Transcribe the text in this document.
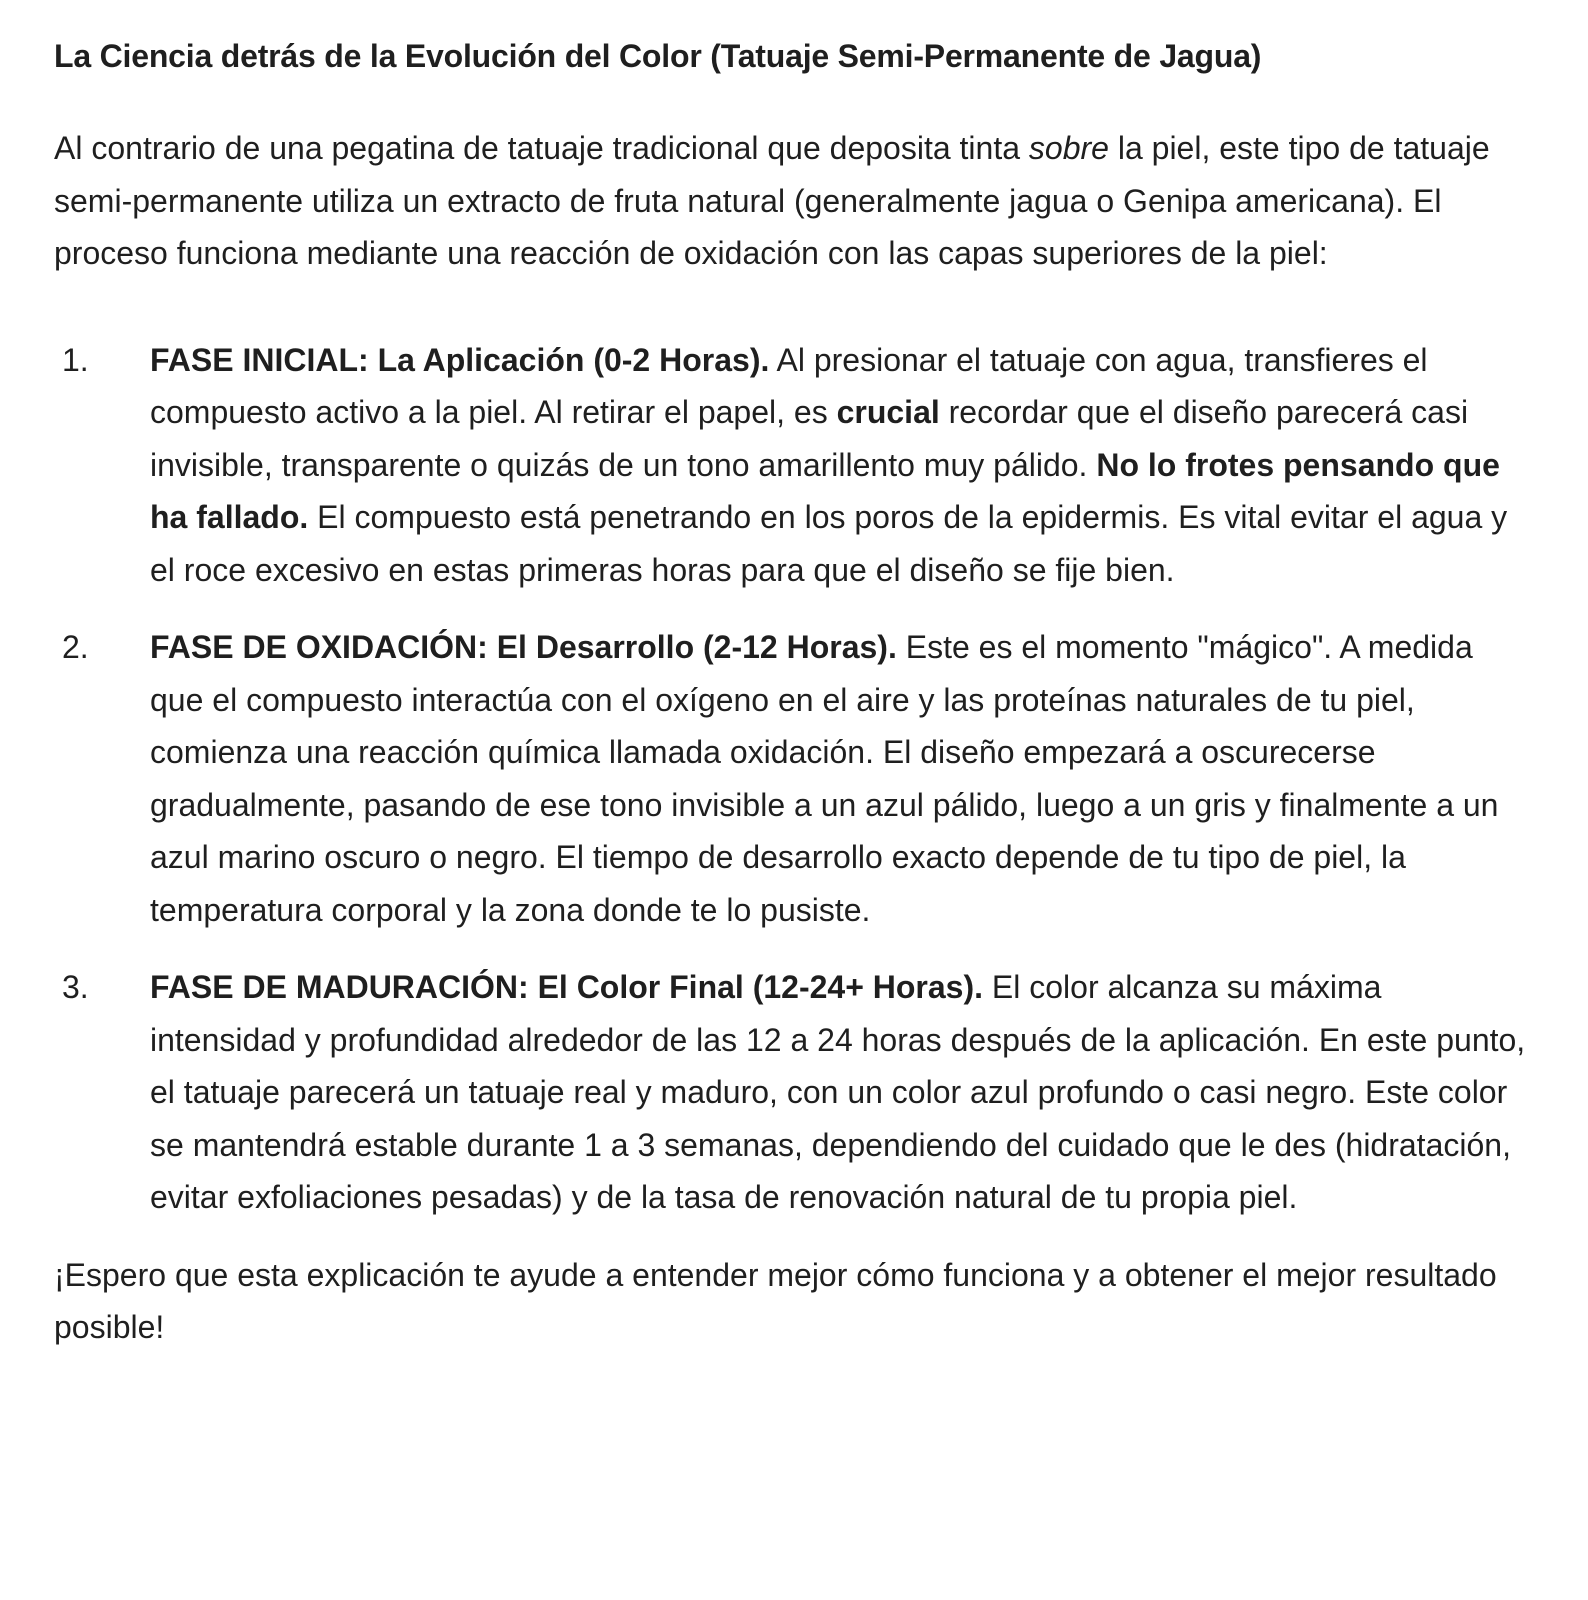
La Ciencia detrás de la Evolución del Color (Tatuaje Semi-Permanente de Jagua)

Al contrario de una pegatina de tatuaje tradicional que deposita tinta sobre la piel, este tipo de tatuaje semi-permanente utiliza un extracto de fruta natural (generalmente jagua o Genipa americana). El proceso funciona mediante una reacción de oxidación con las capas superiores de la piel:

1.	FASE INICIAL: La Aplicación (0-2 Horas). Al presionar el tatuaje con agua, transfieres el compuesto activo a la piel. Al retirar el papel, es crucial recordar que el diseño parecerá casi invisible, transparente o quizás de un tono amarillento muy pálido. No lo frotes pensando que ha fallado. El compuesto está penetrando en los poros de la epidermis. Es vital evitar el agua y el roce excesivo en estas primeras horas para que el diseño se fije bien.
2.	FASE DE OXIDACIÓN: El Desarrollo (2-12 Horas). Este es el momento "mágico". A medida que el compuesto interactúa con el oxígeno en el aire y las proteínas naturales de tu piel, comienza una reacción química llamada oxidación. El diseño empezará a oscurecerse gradualmente, pasando de ese tono invisible a un azul pálido, luego a un gris y finalmente a un azul marino oscuro o negro. El tiempo de desarrollo exacto depende de tu tipo de piel, la temperatura corporal y la zona donde te lo pusiste.
3.	FASE DE MADURACIÓN: El Color Final (12-24+ Horas). El color alcanza su máxima intensidad y profundidad alrededor de las 12 a 24 horas después de la aplicación. En este punto, el tatuaje parecerá un tatuaje real y maduro, con un color azul profundo o casi negro. Este color se mantendrá estable durante 1 a 3 semanas, dependiendo del cuidado que le des (hidratación, evitar exfoliaciones pesadas) y de la tasa de renovación natural de tu propia piel.

¡Espero que esta explicación te ayude a entender mejor cómo funciona y a obtener el mejor resultado posible!
